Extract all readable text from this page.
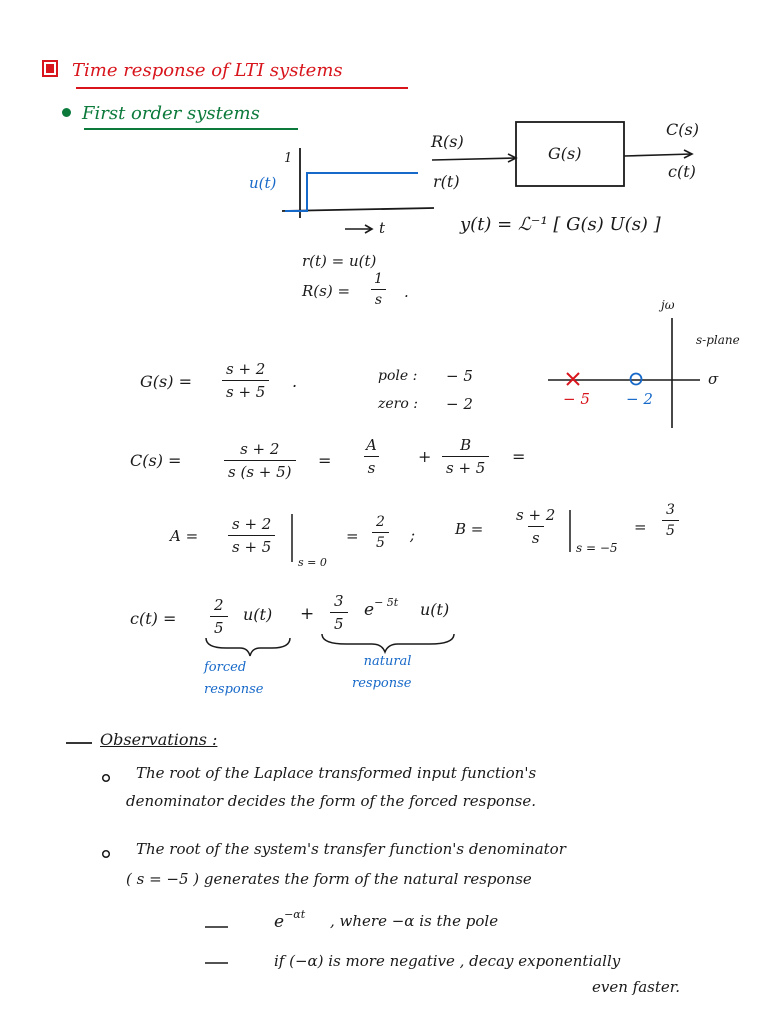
Time response of LTI systems
First order systems
1
u(t)
t
G(s)
R(s)
r(t)
C(s)
c(t)
y(t) = ℒ⁻¹ [ G(s) U(s) ]
r(t) = u(t)
$R(s) = \frac{1}{s}$ .
jω
s-plane
σ
− 5 − 2
$G(s) = \frac{s + 2}{s + 5}$ .	pole : − 5
zero : − 2
C(s) =	$\frac{s + 2}{s (s + 5)} = \frac{A}{s} + \frac{B}{s + 5}$ =
$A = \frac{s + 2}{s + 5}$
s = 0
= $\frac{2}{5}$ ;	$B = \frac{s + 2}{s}$
s = −5
= $\frac{3}{5}$
$c(t) = \frac{2}{5} u(t) + \frac{3}{5} e^{- 5t}$ u(t)
forced
response
natural
response
Observations :
The root of the Laplace transformed input function's
denominator decides the form of the forced response.
The root of the system's transfer function's denominator
( s = −5 ) generates the form of the natural response
$e^{-\alpha t}$ , where −α is the pole
if (−α) is more negative , decay exponentially
even faster.
